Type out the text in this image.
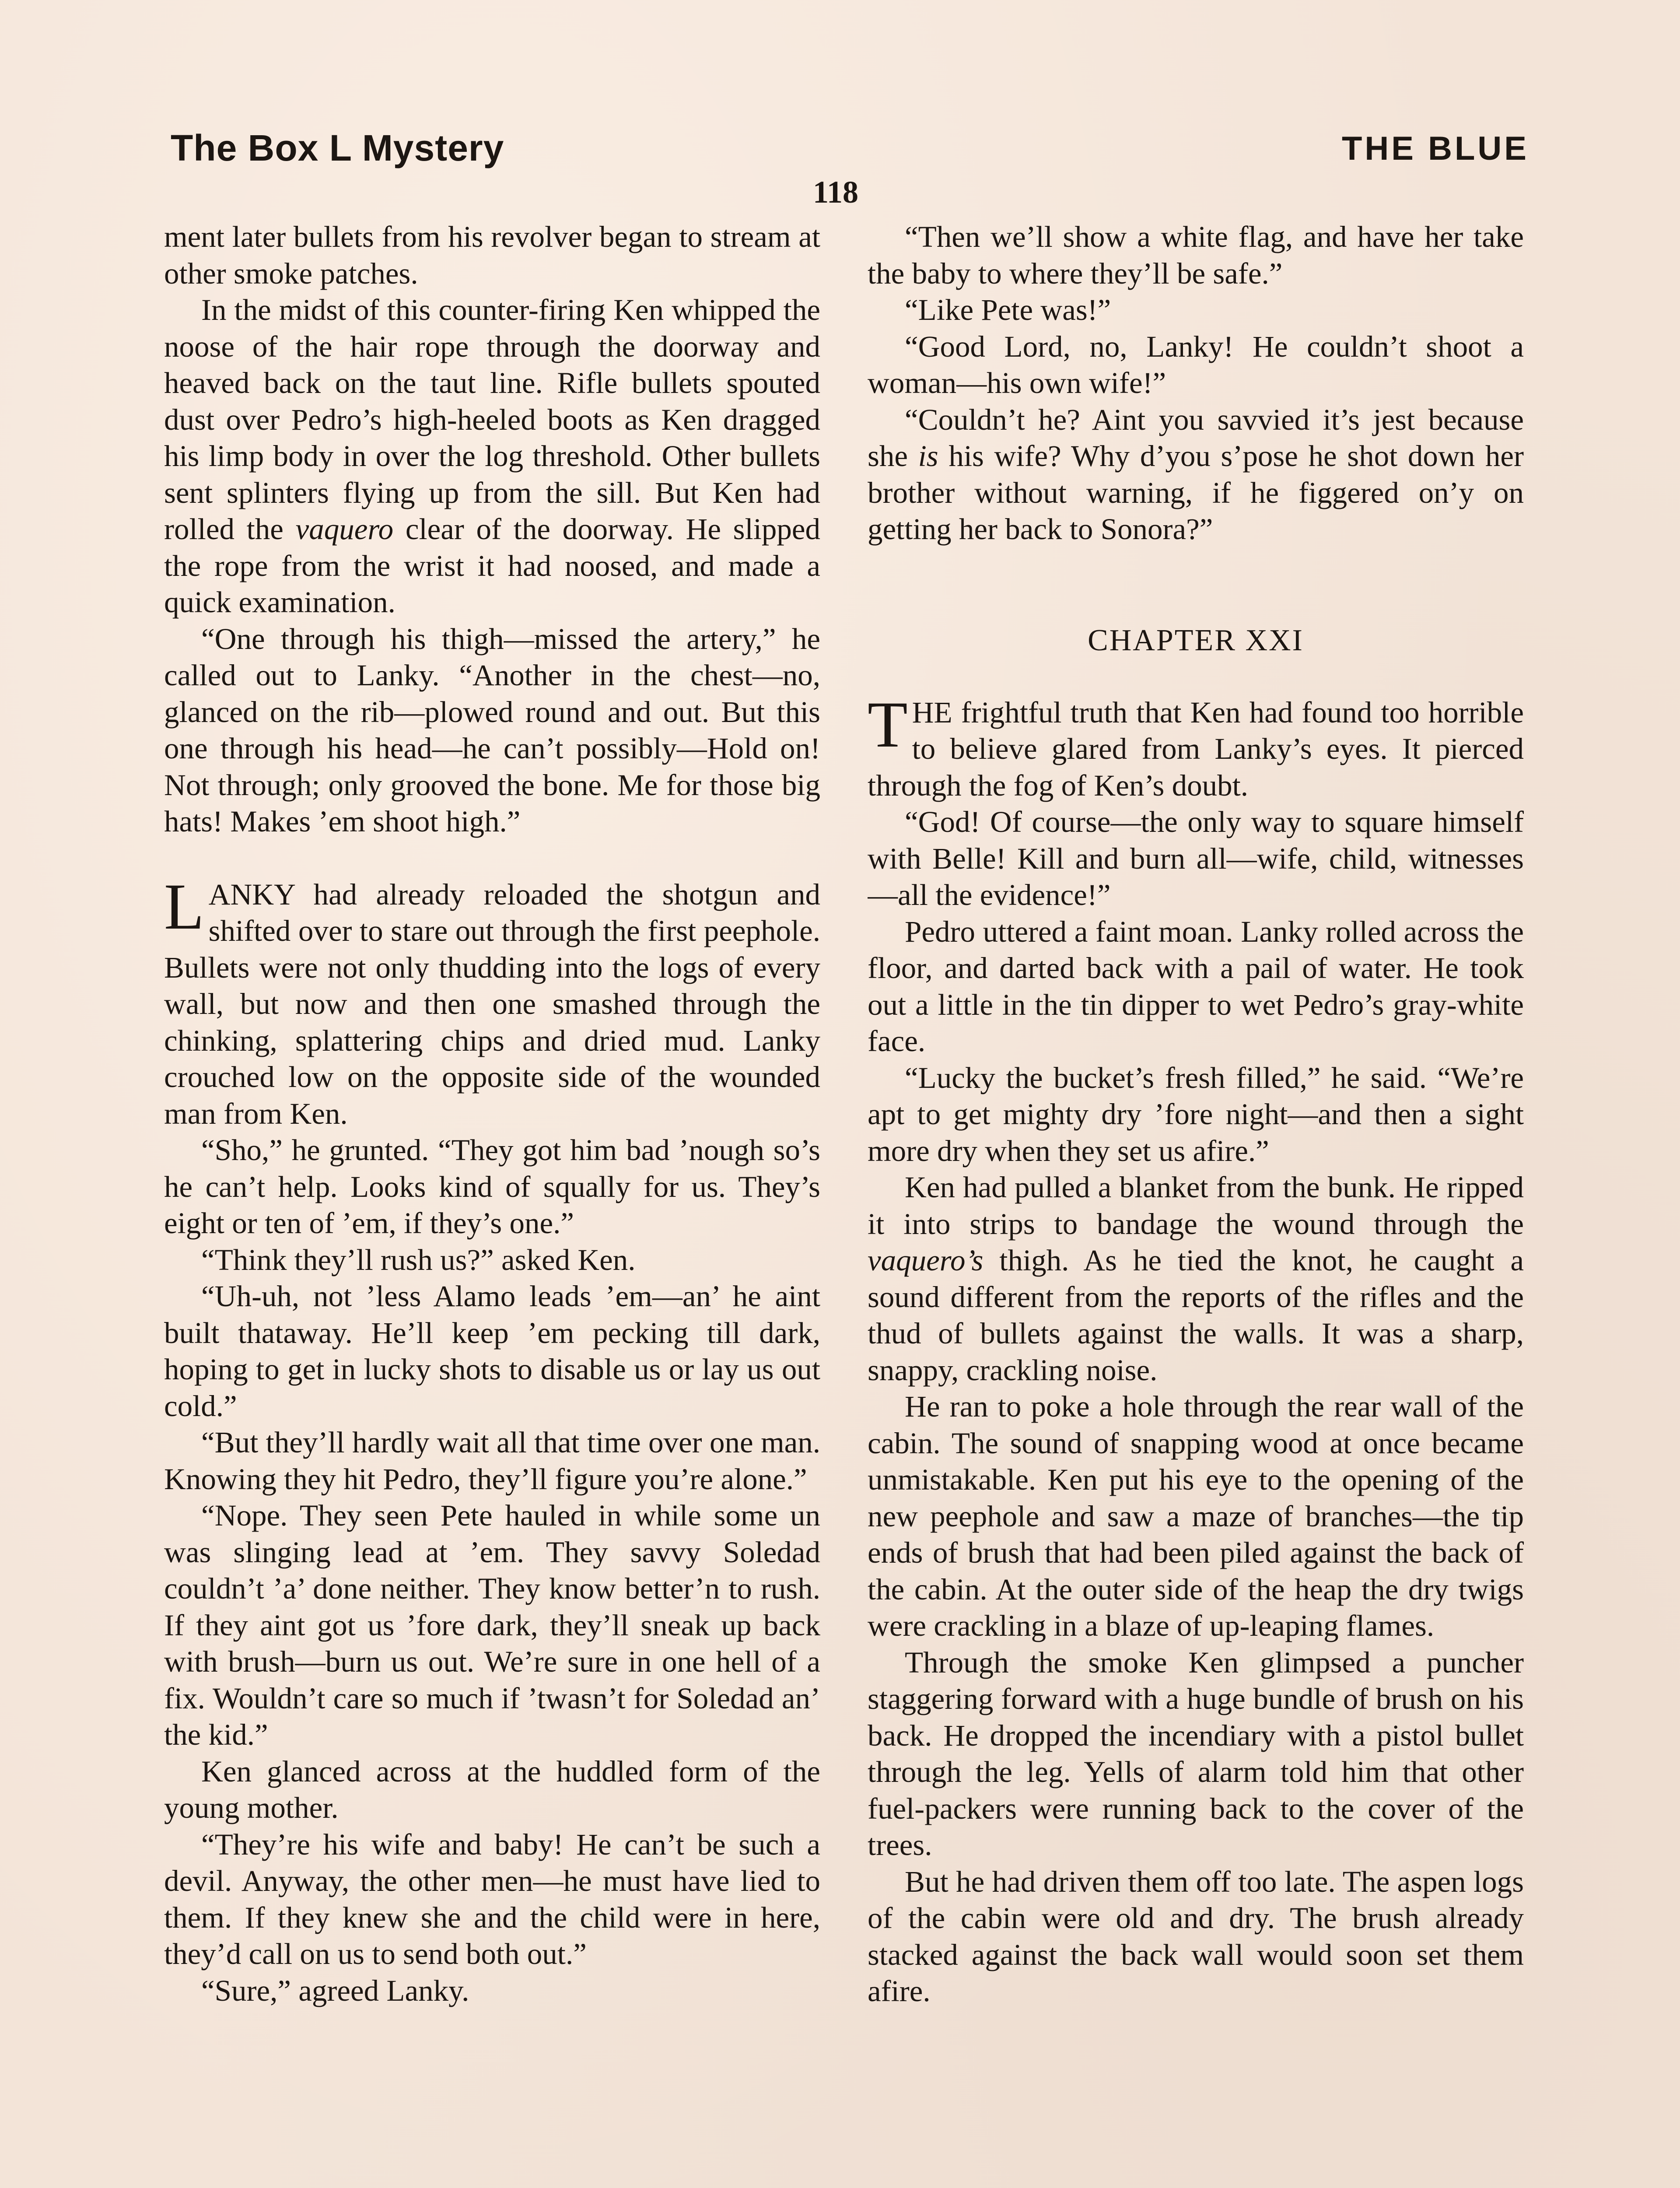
The Box L Mystery	THE BLUE
118

ment later bullets from his revolver began to stream at other smoke patches.

In the midst of this counter-firing Ken whipped the noose of the hair rope through the doorway and heaved back on the taut line. Rifle bullets spouted dust over Pedro’s high-heeled boots as Ken dragged his limp body in over the log threshold. Other bullets sent splinters flying up from the sill. But Ken had rolled the vaquero clear of the doorway. He slipped the rope from the wrist it had noosed, and made a quick examination.

“One through his thigh—missed the artery,” he called out to Lanky. “Another in the chest—no, glanced on the rib—plowed round and out. But this one through his head—he can’t possibly—Hold on! Not through; only grooved the bone. Me for those big hats! Makes ’em shoot high.”

LANKY had already reloaded the shotgun and shifted over to stare out through the first peephole. Bullets were not only thudding into the logs of every wall, but now and then one smashed through the chinking, splattering chips and dried mud. Lanky crouched low on the opposite side of the wounded man from Ken.

“Sho,” he grunted. “They got him bad ’nough so’s he can’t help. Looks kind of squally for us. They’s eight or ten of ’em, if they’s one.”

“Think they’ll rush us?” asked Ken.

“Uh-uh, not ’less Alamo leads ’em—an’ he aint built thataway. He’ll keep ’em pecking till dark, hoping to get in lucky shots to disable us or lay us out cold.”

“But they’ll hardly wait all that time over one man. Knowing they hit Pedro, they’ll figure you’re alone.”

“Nope. They seen Pete hauled in while some un was slinging lead at ’em. They savvy Soledad couldn’t ’a’ done neither. They know better’n to rush. If they aint got us ’fore dark, they’ll sneak up back with brush—burn us out. We’re sure in one hell of a fix. Wouldn’t care so much if ’twasn’t for Soledad an’ the kid.”

Ken glanced across at the huddled form of the young mother.

“They’re his wife and baby! He can’t be such a devil. Anyway, the other men—he must have lied to them. If they knew she and the child were in here, they’d call on us to send both out.”

“Sure,” agreed Lanky.

“Then we’ll show a white flag, and have her take the baby to where they’ll be safe.”

“Like Pete was!”

“Good Lord, no, Lanky! He couldn’t shoot a woman—his own wife!”

“Couldn’t he? Aint you savvied it’s jest because she is his wife? Why d’you s’pose he shot down her brother without warning, if he figgered on’y on getting her back to Sonora?”

CHAPTER XXI

THE frightful truth that Ken had found too horrible to believe glared from Lanky’s eyes. It pierced through the fog of Ken’s doubt.

“God! Of course—the only way to square himself with Belle! Kill and burn all—wife, child, witnesses—all the evidence!”

Pedro uttered a faint moan. Lanky rolled across the floor, and darted back with a pail of water. He took out a little in the tin dipper to wet Pedro’s gray-white face.

“Lucky the bucket’s fresh filled,” he said. “We’re apt to get mighty dry ’fore night—and then a sight more dry when they set us afire.”

Ken had pulled a blanket from the bunk. He ripped it into strips to bandage the wound through the vaquero’s thigh. As he tied the knot, he caught a sound different from the reports of the rifles and the thud of bullets against the walls. It was a sharp, snappy, crackling noise.

He ran to poke a hole through the rear wall of the cabin. The sound of snapping wood at once became unmistakable. Ken put his eye to the opening of the new peephole and saw a maze of branches—the tip ends of brush that had been piled against the back of the cabin. At the outer side of the heap the dry twigs were crackling in a blaze of up-leaping flames.

Through the smoke Ken glimpsed a puncher staggering forward with a huge bundle of brush on his back. He dropped the incendiary with a pistol bullet through the leg. Yells of alarm told him that other fuel-packers were running back to the cover of the trees.

But he had driven them off too late. The aspen logs of the cabin were old and dry. The brush already stacked against the back wall would soon set them afire.
